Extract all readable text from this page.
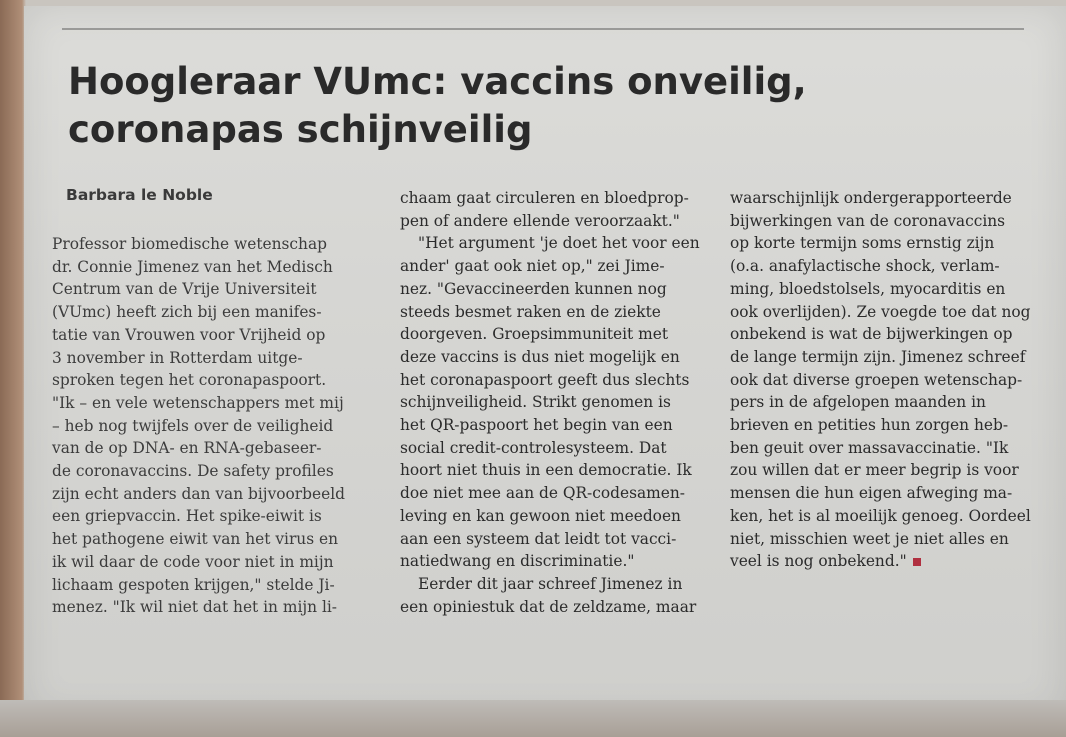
Hoogleraar VUmc: vaccins onveilig,
coronapas schijnveilig
Barbara le Noble
Professor biomedische wetenschap
dr. Connie Jimenez van het Medisch
Centrum van de Vrije Universiteit
(VUmc) heeft zich bij een manifes-
tatie van Vrouwen voor Vrijheid op
3 november in Rotterdam uitge-
sproken tegen het coronapaspoort.
"Ik – en vele wetenschappers met mij
– heb nog twijfels over de veiligheid
van de op DNA- en RNA-gebaseer-
de coronavaccins. De safety profiles
zijn echt anders dan van bijvoorbeeld
een griepvaccin. Het spike-eiwit is
het pathogene eiwit van het virus en
ik wil daar de code voor niet in mijn
lichaam gespoten krijgen," stelde Ji-
menez. "Ik wil niet dat het in mijn li-
chaam gaat circuleren en bloedprop-
pen of andere ellende veroorzaakt."
"Het argument 'je doet het voor een
ander' gaat ook niet op," zei Jime-
nez. "Gevaccineerden kunnen nog
steeds besmet raken en de ziekte
doorgeven. Groepsimmuniteit met
deze vaccins is dus niet mogelijk en
het coronapaspoort geeft dus slechts
schijnveiligheid. Strikt genomen is
het QR-paspoort het begin van een
social credit-controlesysteem. Dat
hoort niet thuis in een democratie. Ik
doe niet mee aan de QR-codesamen-
leving en kan gewoon niet meedoen
aan een systeem dat leidt tot vacci-
natiedwang en discriminatie."
Eerder dit jaar schreef Jimenez in
een opiniestuk dat de zeldzame, maar
waarschijnlijk ondergerapporteerde
bijwerkingen van de coronavaccins
op korte termijn soms ernstig zijn
(o.a. anafylactische shock, verlam-
ming, bloedstolsels, myocarditis en
ook overlijden). Ze voegde toe dat nog
onbekend is wat de bijwerkingen op
de lange termijn zijn. Jimenez schreef
ook dat diverse groepen wetenschap-
pers in de afgelopen maanden in
brieven en petities hun zorgen heb-
ben geuit over massavaccinatie. "Ik
zou willen dat er meer begrip is voor
mensen die hun eigen afweging ma-
ken, het is al moeilijk genoeg. Oordeel
niet, misschien weet je niet alles en
veel is nog onbekend."
